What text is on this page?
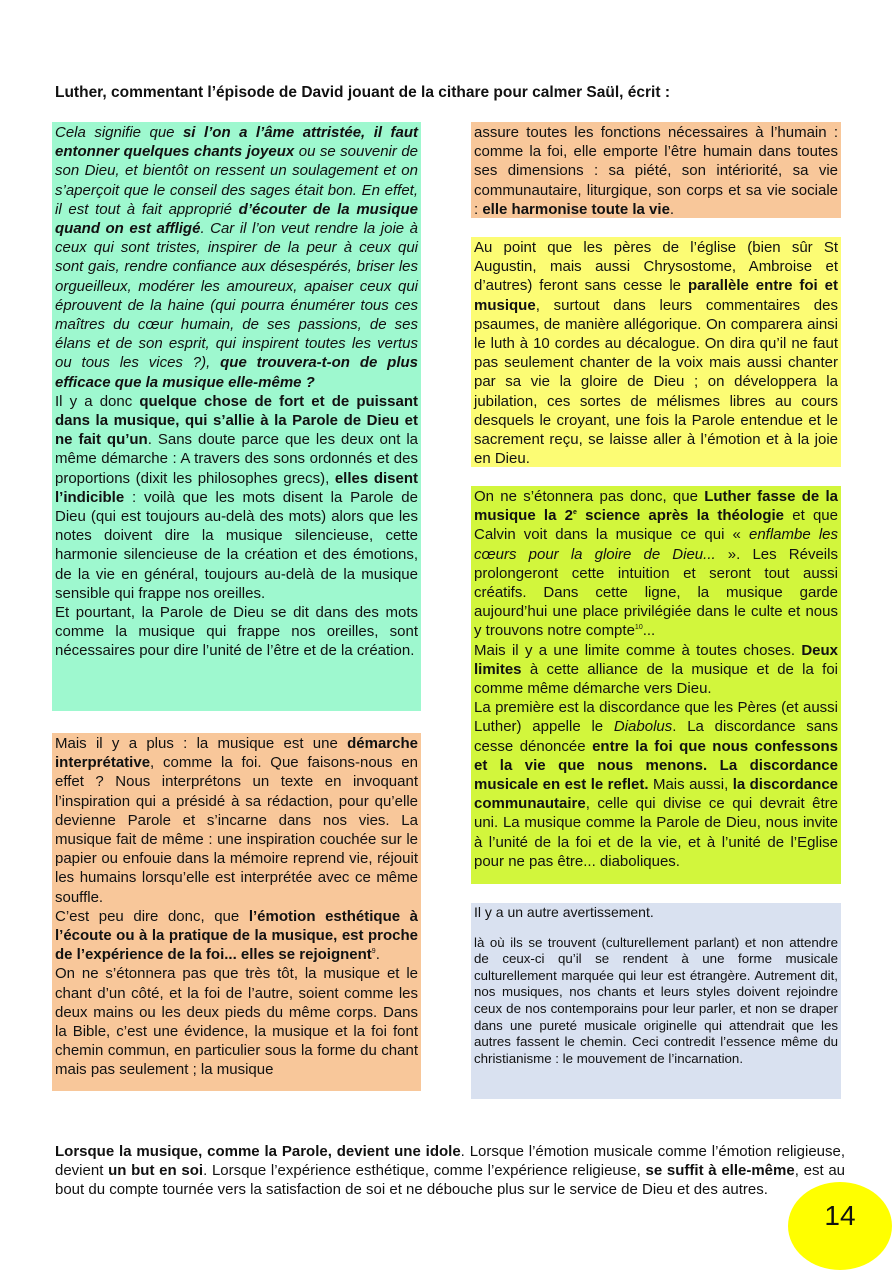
Luther, commentant l’épisode de David jouant de la cithare pour calmer Saül, écrit :

Cela signifie que si l’on a l’âme attristée, il faut entonner quelques chants joyeux ou se souvenir de son Dieu, et bientôt on ressent un soulagement et on s’aperçoit que le conseil des sages était bon. En effet, il est tout à fait approprié d’écouter de la musique quand on est affligé. Car il l’on veut rendre la joie à ceux qui sont tristes, inspirer de la peur à ceux qui sont gais, rendre confiance aux désespérés, briser les orgueilleux, modérer les amoureux, apaiser ceux qui éprouvent de la haine (qui pourra énumérer tous ces maîtres du cœur humain, de ses passions, de ses élans et de son esprit, qui inspirent toutes les vertus ou tous les vices ?), que trouvera-t-on de plus efficace que la musique elle-même ?

Il y a donc quelque chose de fort et de puissant dans la musique, qui s’allie à la Parole de Dieu et ne fait qu’un. Sans doute parce que les deux ont la même démarche : A travers des sons ordonnés et des proportions (dixit les philosophes grecs), elles disent l’indicible : voilà que les mots disent la Parole de Dieu (qui est toujours au-delà des mots) alors que les notes doivent dire la musique silencieuse, cette harmonie silencieuse de la création et des émotions, de la vie en général, toujours au-delà de la musique sensible qui frappe nos oreilles.

Et pourtant, la Parole de Dieu se dit dans des mots comme la musique qui frappe nos oreilles, sont nécessaires pour dire l’unité de l’être et de la création.

Mais il y a plus : la musique est une démarche interprétative, comme la foi. Que faisons-nous en effet ? Nous interprétons un texte en invoquant l’inspiration qui a présidé à sa rédaction, pour qu’elle devienne Parole et s’incarne dans nos vies. La musique fait de même : une inspiration couchée sur le papier ou enfouie dans la mémoire reprend vie, réjouit les humains lorsqu’elle est interprétée avec ce même souffle.

C’est peu dire donc, que l’émotion esthétique à l’écoute ou à la pratique de la musique, est proche de l’expérience de la foi... elles se rejoignent$^9$.

On ne s’étonnera pas que très tôt, la musique et le chant d’un côté, et la foi de l’autre, soient comme les deux mains ou les deux pieds du même corps. Dans la Bible, c’est une évidence, la musique et la foi font chemin commun, en particulier sous la forme du chant mais pas seulement ; la musique

assure toutes les fonctions nécessaires à l’humain : comme la foi, elle emporte l’être humain dans toutes ses dimensions : sa piété, son intériorité, sa vie communautaire, liturgique, son corps et sa vie sociale : elle harmonise toute la vie.

Au point que les pères de l’église (bien sûr St Augustin, mais aussi Chrysostome, Ambroise et d’autres) feront sans cesse le parallèle entre foi et musique, surtout dans leurs commentaires des psaumes, de manière allégorique. On comparera ainsi le luth à 10 cordes au décalogue. On dira qu’il ne faut pas seulement chanter de la voix mais aussi chanter par sa vie la gloire de Dieu ; on développera la jubilation, ces sortes de mélismes libres au cours desquels le croyant, une fois la Parole entendue et le sacrement reçu, se laisse aller à l’émotion et à la joie en Dieu.

On ne s’étonnera pas donc, que Luther fasse de la musique la 2e science après la théologie et que Calvin voit dans la musique ce qui « enflambe les cœurs pour la gloire de Dieu... ». Les Réveils prolongeront cette intuition et seront tout aussi créatifs. Dans cette ligne, la musique garde aujourd’hui une place privilégiée dans le culte et nous y trouvons notre compte$^{10}$...

Mais il y a une limite comme à toutes choses. Deux limites à cette alliance de la musique et de la foi comme même démarche vers Dieu.

La première est la discordance que les Pères (et aussi Luther) appelle le Diabolus. La discordance sans cesse dénoncée entre la foi que nous confessons et la vie que nous menons. La discordance musicale en est le reflet. Mais aussi, la discordance communautaire, celle qui divise ce qui devrait être uni. La musique comme la Parole de Dieu, nous invite à l’unité de la foi et de la vie, et à l’unité de l’Eglise pour ne pas être... diaboliques.

Il y a un autre avertissement.

là où ils se trouvent (culturellement parlant) et non attendre de ceux-ci qu’il se rendent à une forme musicale culturellement marquée qui leur est étrangère. Autrement dit, nos musiques, nos chants et leurs styles doivent rejoindre ceux de nos contemporains pour leur parler, et non se draper dans une pureté musicale originelle qui attendrait que les autres fassent le chemin. Ceci contredit l’essence même du christianisme : le mouvement de l’incarnation.

Lorsque la musique, comme la Parole, devient une idole. Lorsque l’émotion musicale comme l’émotion religieuse, devient un but en soi. Lorsque l’expérience esthétique, comme l’expérience religieuse, se suffit à elle-même, est au bout du compte tournée vers la satisfaction de soi et ne débouche plus sur le service de Dieu et des autres.
14
